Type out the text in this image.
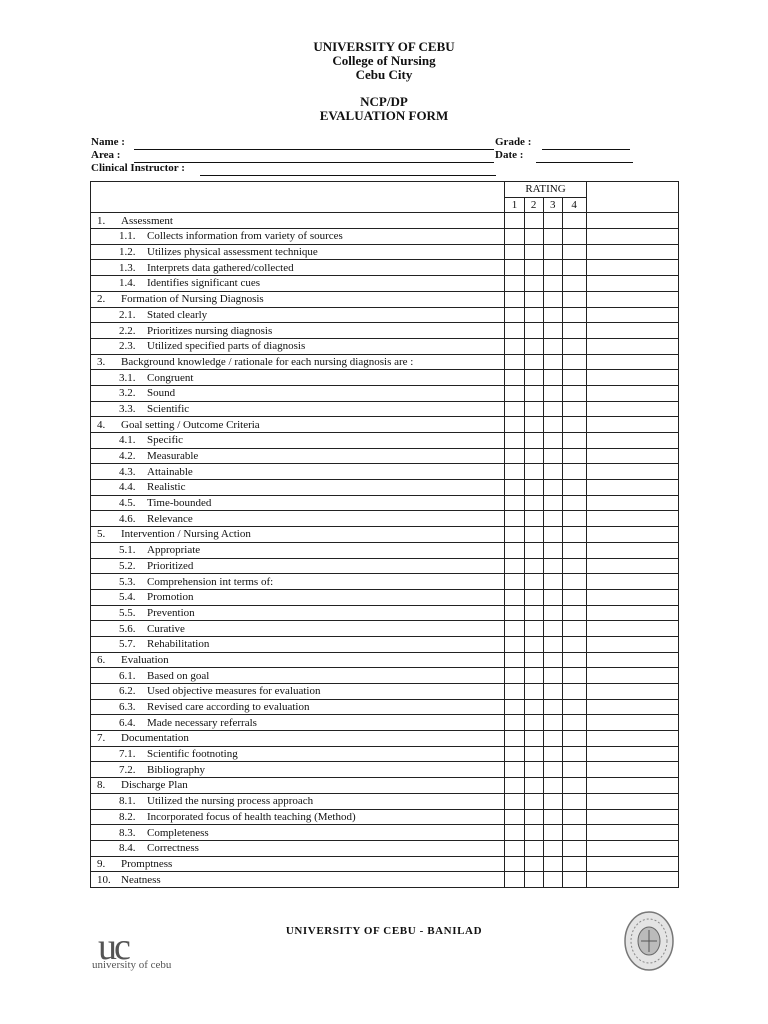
UNIVERSITY OF CEBU
College of Nursing
Cebu City
NCP/DP
EVALUATION FORM
Name :	Grade :
Area :	Date :
Clinical Instructor :
	RATING				
	1	2	3	4	
1. Assessment					
1.1. Collects information from variety of sources					
1.2. Utilizes physical assessment technique					
1.3. Interprets data gathered/collected					
1.4. Identifies significant cues					
2. Formation of Nursing Diagnosis					
2.1. Stated clearly					
2.2. Prioritizes nursing diagnosis					
2.3. Utilized specified parts of diagnosis					
3. Background knowledge / rationale for each nursing diagnosis are :					
3.1. Congruent					
3.2. Sound					
3.3. Scientific					
4. Goal setting / Outcome Criteria					
4.1. Specific					
4.2. Measurable					
4.3. Attainable					
4.4. Realistic					
4.5. Time-bounded					
4.6. Relevance					
5. Intervention / Nursing Action					
5.1. Appropriate					
5.2. Prioritized					
5.3. Comprehension int terms of:					
5.4. Promotion					
5.5. Prevention					
5.6. Curative					
5.7. Rehabilitation					
6. Evaluation					
6.1. Based on goal					
6.2. Used objective measures for evaluation					
6.3. Revised care according to evaluation					
6.4. Made necessary referrals					
7. Documentation					
7.1. Scientific footnoting					
7.2. Bibliography					
8. Discharge Plan					
8.1. Utilized the nursing process approach					
8.2. Incorporated focus of health teaching (Method)					
8.3. Completeness					
8.4. Correctness					
9. Promptness					
10. Neatness					
uc
university of cebu
UNIVERSITY OF CEBU - BANILAD
